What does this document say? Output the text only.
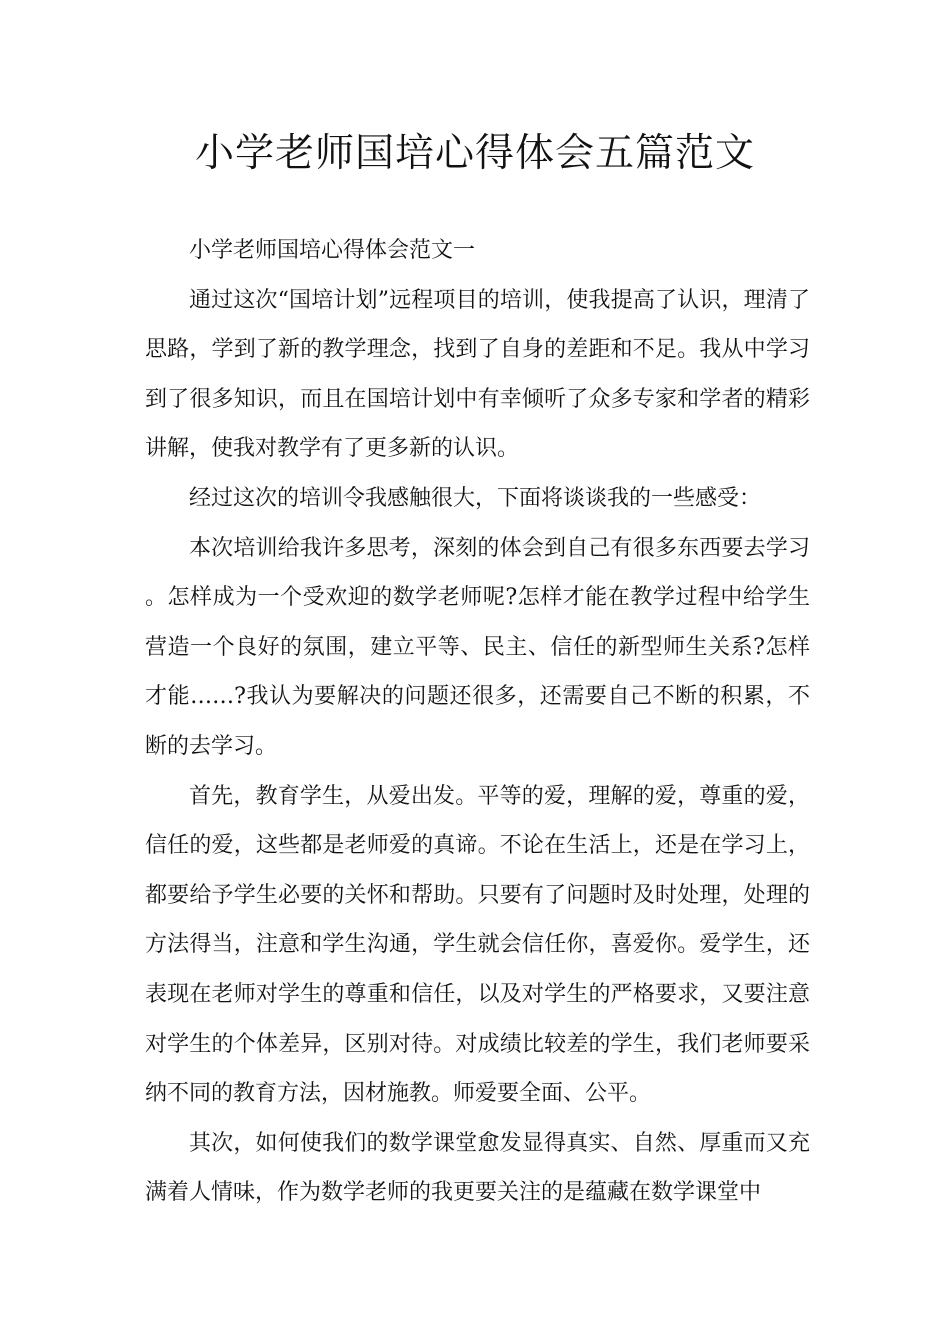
小学老师国培心得体会五篇范文

小学老师国培心得体会范文一

通过这次“国培计划”远程项目的培训，使我提高了认识，理清了思路，学到了新的教学理念，找到了自身的差距和不足。我从中学习到了很多知识，而且在国培计划中有幸倾听了众多专家和学者的精彩讲解，使我对教学有了更多新的认识。

经过这次的培训令我感触很大，下面将谈谈我的一些感受：

本次培训给我许多思考，深刻的体会到自己有很多东西要去学习。怎样成为一个受欢迎的数学老师呢?怎样才能在教学过程中给学生营造一个良好的氛围，建立平等、民主、信任的新型师生关系?怎样才能……?我认为要解决的问题还很多，还需要自己不断的积累，不断的去学习。

首先，教育学生，从爱出发。平等的爱，理解的爱，尊重的爱，信任的爱，这些都是老师爱的真谛。不论在生活上，还是在学习上，都要给予学生必要的关怀和帮助。只要有了问题时及时处理，处理的方法得当，注意和学生沟通，学生就会信任你，喜爱你。爱学生，还表现在老师对学生的尊重和信任，以及对学生的严格要求，又要注意对学生的个体差异，区别对待。对成绩比较差的学生，我们老师要采纳不同的教育方法，因材施教。师爱要全面、公平。

其次，如何使我们的数学课堂愈发显得真实、自然、厚重而又充满着人情味，作为数学老师的我更要关注的是蕴藏在数学课堂中
